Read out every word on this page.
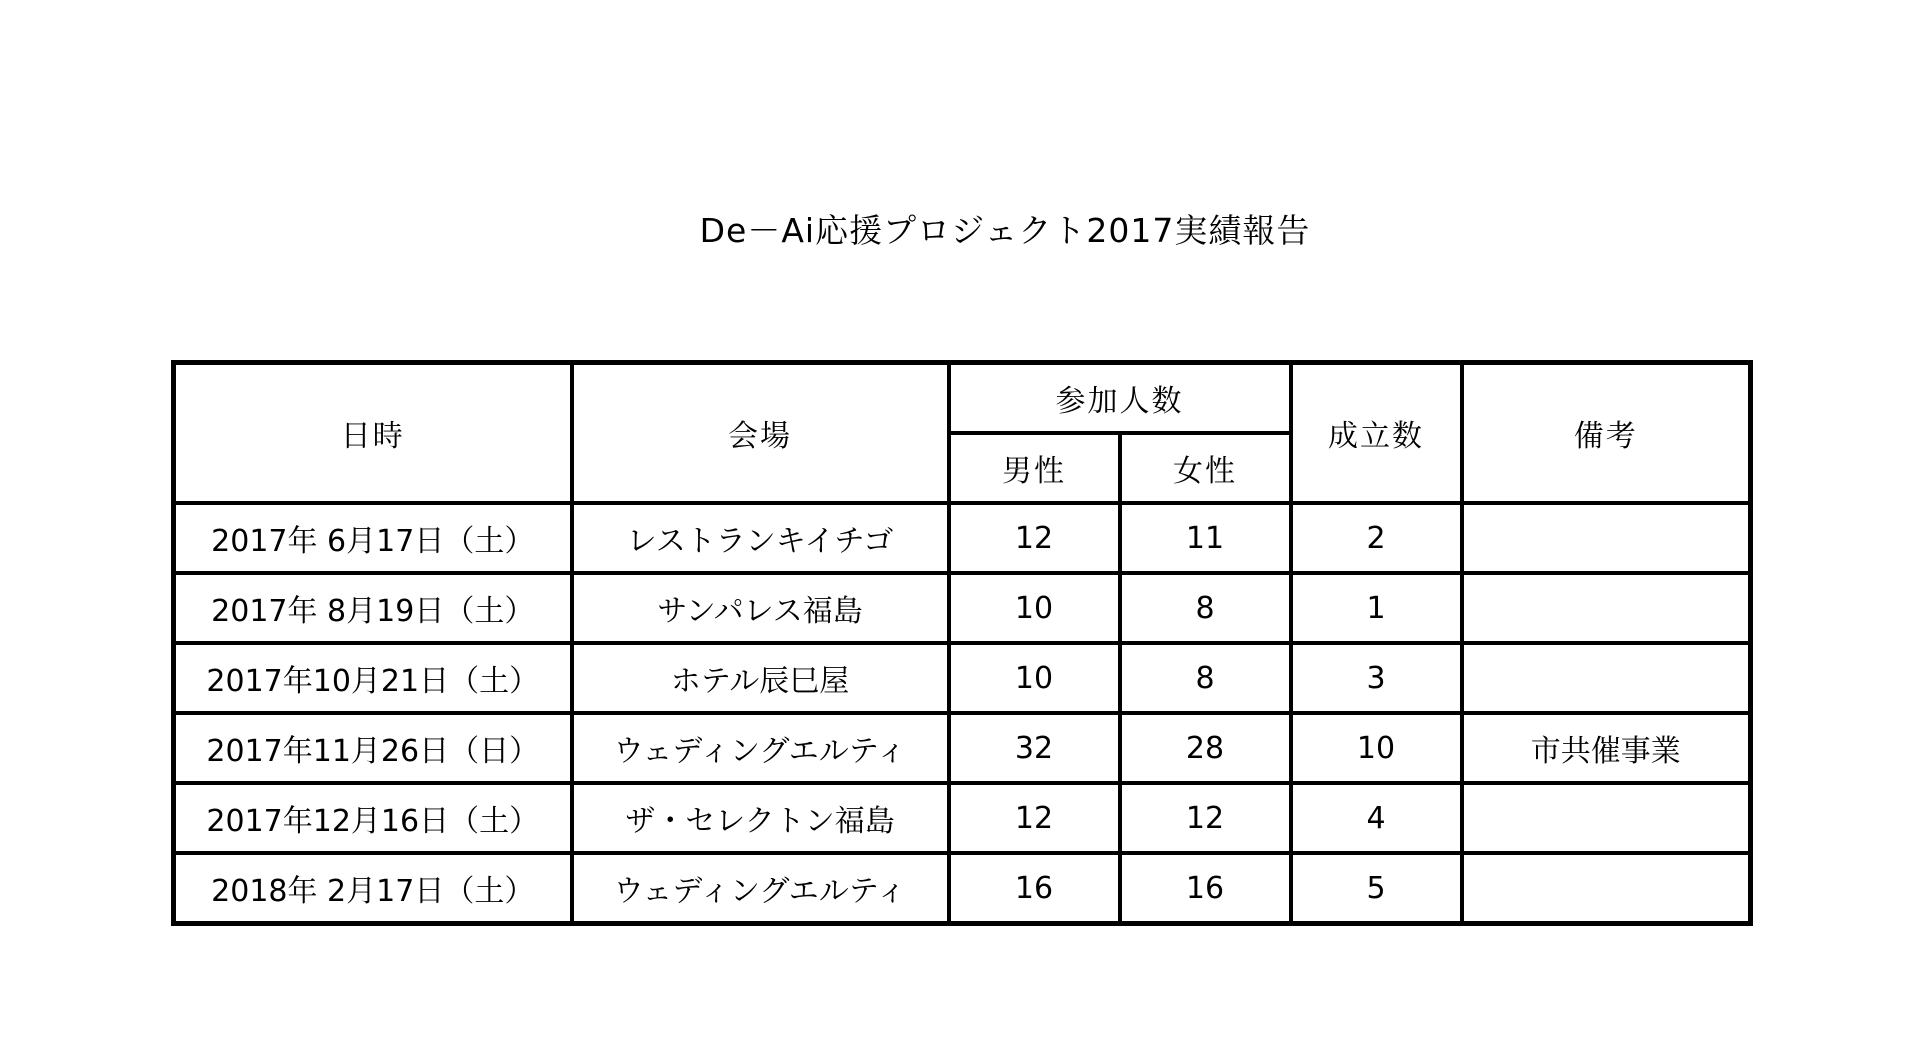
De－Ai応援プロジェクト2017実績報告
日時	会場	参加人数		成立数	備考
		男性	女性		
2017年 6月17日（土）	レストランキイチゴ	12	11	2	
2017年 8月19日（土）	サンパレス福島	10	8	1	
2017年10月21日（土）	ホテル辰巳屋	10	8	3	
2017年11月26日（日）	ウェディングエルティ	32	28	10	市共催事業
2017年12月16日（土）	ザ・セレクトン福島	12	12	4	
2018年 2月17日（土）	ウェディングエルティ	16	16	5	
